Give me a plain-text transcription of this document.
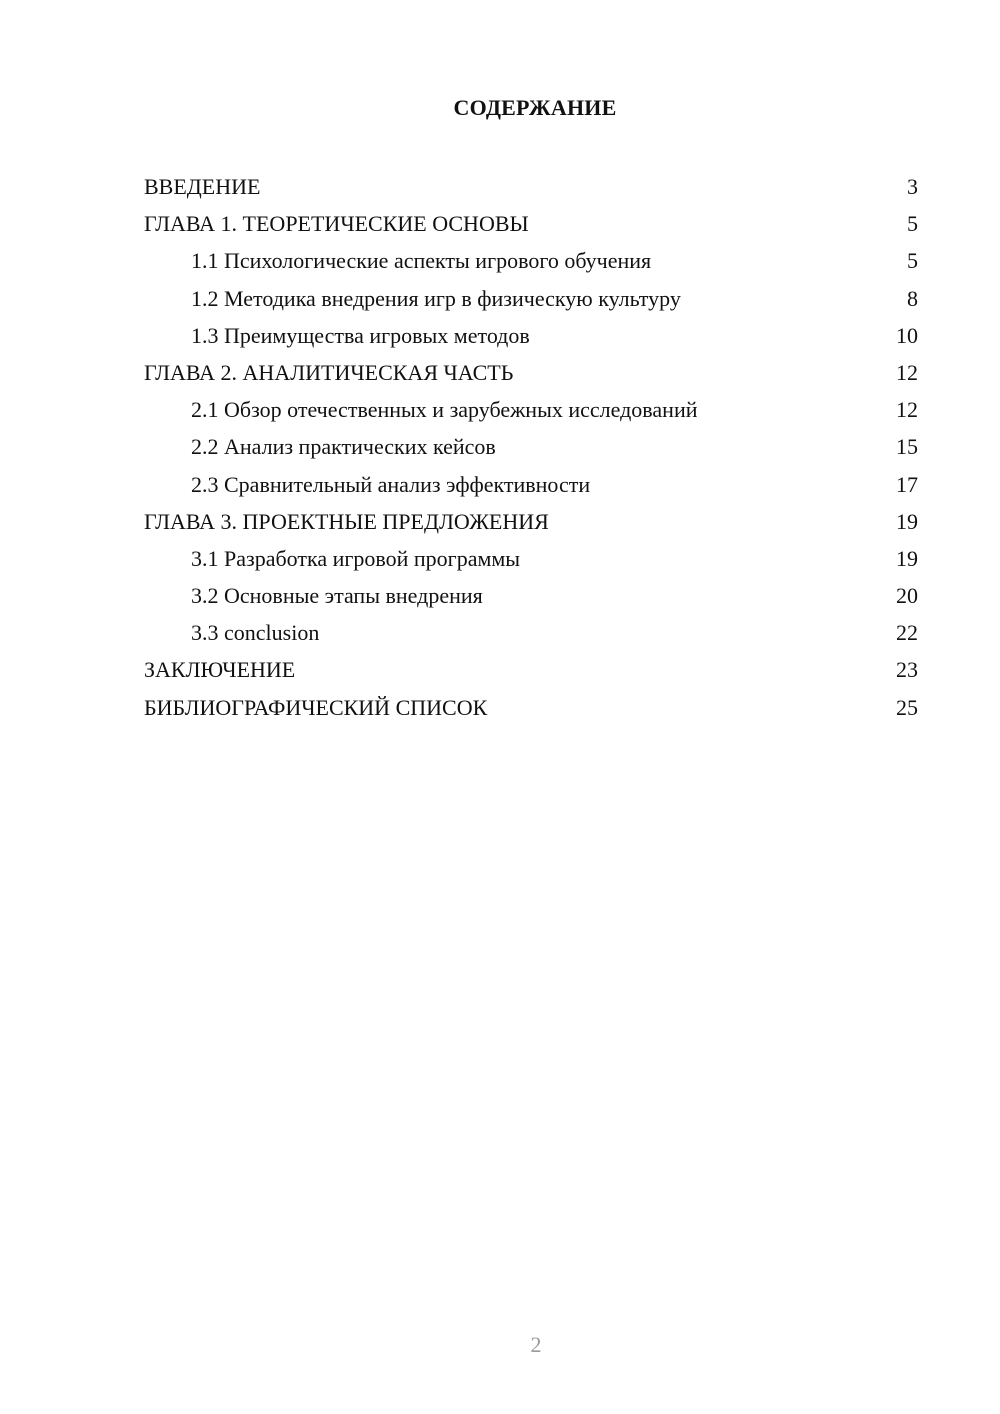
СОДЕРЖАНИЕ
ВВЕДЕНИЕ	3
ГЛАВА 1. ТЕОРЕТИЧЕСКИЕ ОСНОВЫ	5
1.1 Психологические аспекты игрового обучения	5
1.2 Методика внедрения игр в физическую культуру	8
1.3 Преимущества игровых методов	10
ГЛАВА 2. АНАЛИТИЧЕСКАЯ ЧАСТЬ	12
2.1 Обзор отечественных и зарубежных исследований	12
2.2 Анализ практических кейсов	15
2.3 Сравнительный анализ эффективности	17
ГЛАВА 3. ПРОЕКТНЫЕ ПРЕДЛОЖЕНИЯ	19
3.1 Разработка игровой программы	19
3.2 Основные этапы внедрения	20
3.3 conclusion	22
ЗАКЛЮЧЕНИЕ	23
БИБЛИОГРАФИЧЕСКИЙ СПИСОК	25
2
